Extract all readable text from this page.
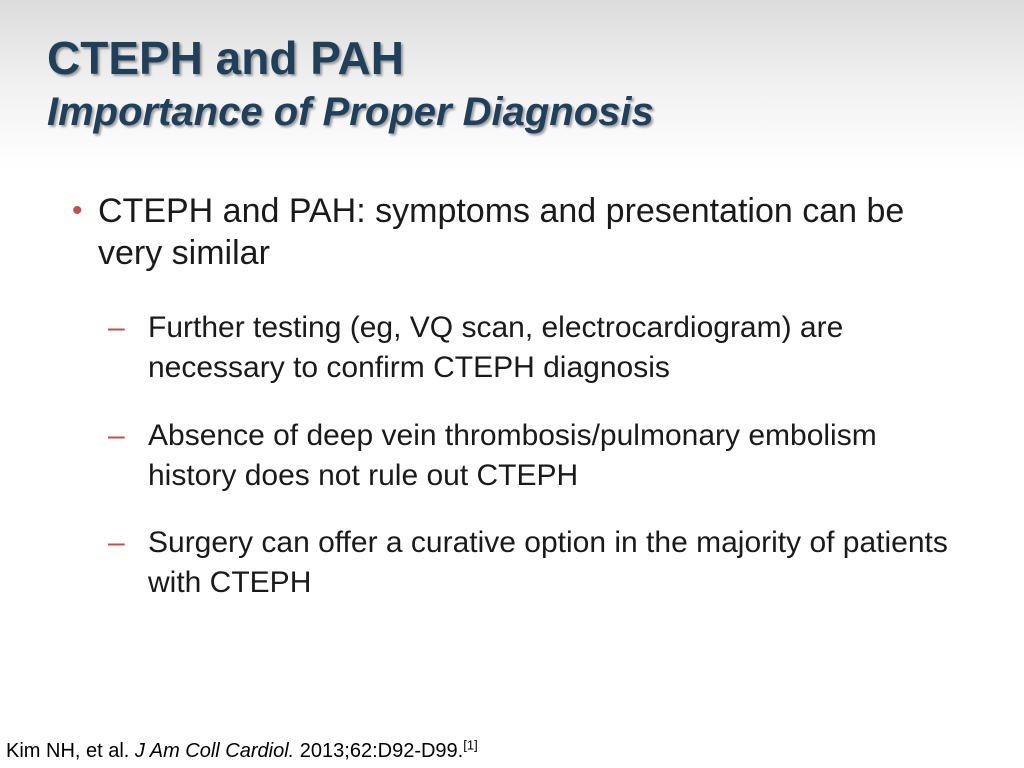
CTEPH and PAH
Importance of Proper Diagnosis
• CTEPH and PAH: symptoms and presentation can be very similar
– Further testing (eg, VQ scan, electrocardiogram) are necessary to confirm CTEPH diagnosis
– Absence of deep vein thrombosis/pulmonary embolism history does not rule out CTEPH
– Surgery can offer a curative option in the majority of patients with CTEPH
Kim NH, et al. J Am Coll Cardiol. 2013;62:D92-D99.[1]
